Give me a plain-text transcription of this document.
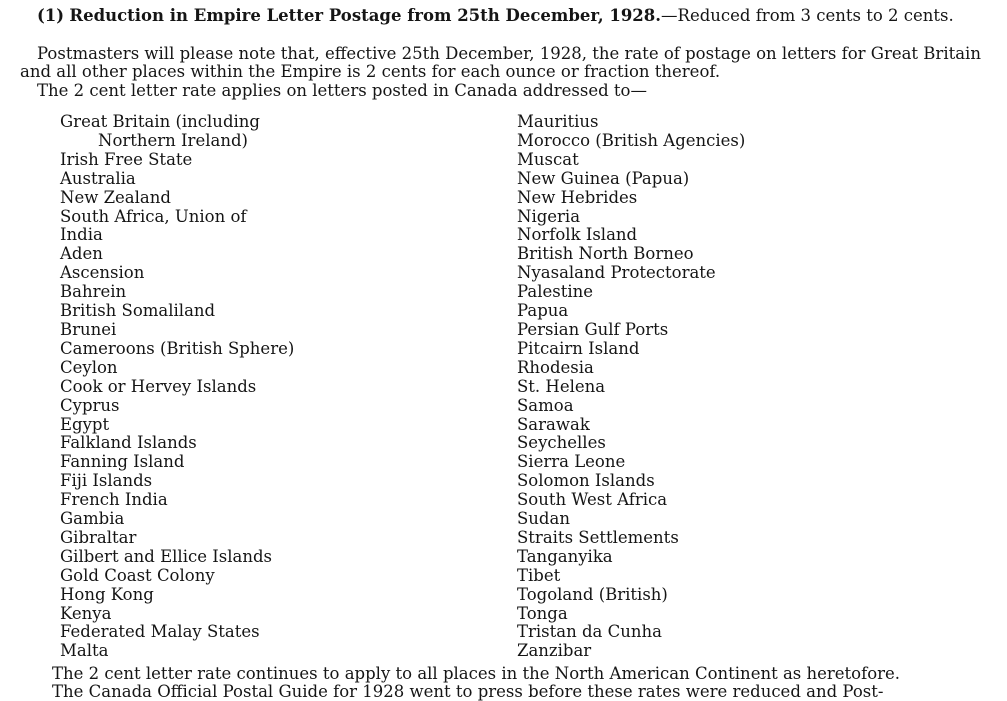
(1) Reduction in Empire Letter Postage from 25th December, 1928.—Reduced from 3 cents to 2 cents.

Postmasters will please note that, effective 25th December, 1928, the rate of postage on letters for Great Britain and all other places within the Empire is 2 cents for each ounce or fraction thereof.

The 2 cent letter rate applies on letters posted in Canada addressed to—

Great Britain (including
Northern Ireland)
Irish Free State
Australia
New Zealand
South Africa, Union of
India
Aden
Ascension
Bahrein
British Somaliland
Brunei
Cameroons (British Sphere)
Ceylon
Cook or Hervey Islands
Cyprus
Egypt
Falkland Islands
Fanning Island
Fiji Islands
French India
Gambia
Gibraltar
Gilbert and Ellice Islands
Gold Coast Colony
Hong Kong
Kenya
Federated Malay States
Malta
Mauritius
Morocco (British Agencies)
Muscat
New Guinea (Papua)
New Hebrides
Nigeria
Norfolk Island
British North Borneo
Nyasaland Protectorate
Palestine
Papua
Persian Gulf Ports
Pitcairn Island
Rhodesia
St. Helena
Samoa
Sarawak
Seychelles
Sierra Leone
Solomon Islands
South West Africa
Sudan
Straits Settlements
Tanganyika
Tibet
Togoland (British)
Tonga
Tristan da Cunha
Zanzibar

The 2 cent letter rate continues to apply to all places in the North American Continent as heretofore.

The Canada Official Postal Guide for 1928 went to press before these rates were reduced and Post-
